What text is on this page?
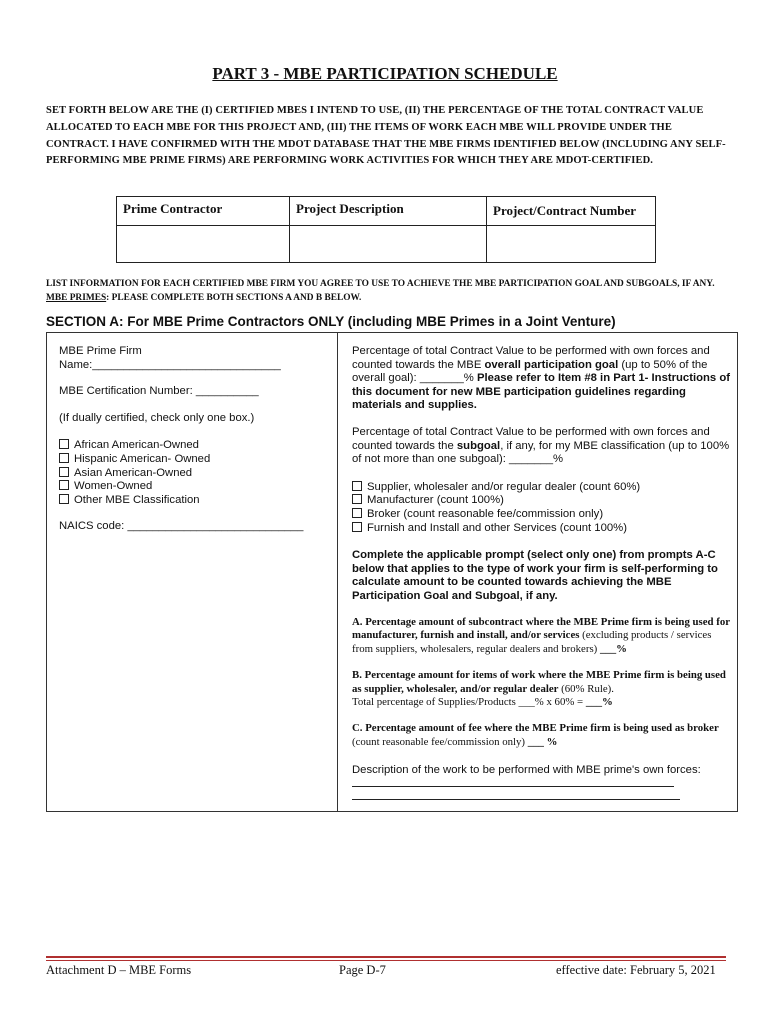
PART 3 - MBE PARTICIPATION SCHEDULE
SET FORTH BELOW ARE THE (I) CERTIFIED MBES I INTEND TO USE, (II) THE PERCENTAGE OF THE TOTAL CONTRACT VALUE ALLOCATED TO EACH MBE FOR THIS PROJECT AND, (III) THE ITEMS OF WORK EACH MBE WILL PROVIDE UNDER THE CONTRACT. I HAVE CONFIRMED WITH THE MDOT DATABASE THAT THE MBE FIRMS IDENTIFIED BELOW (INCLUDING ANY SELF-PERFORMING MBE PRIME FIRMS) ARE PERFORMING WORK ACTIVITIES FOR WHICH THEY ARE MDOT-CERTIFIED.
Prime Contractor	Project Description	Project/Contract Number

LIST INFORMATION FOR EACH CERTIFIED MBE FIRM YOU AGREE TO USE TO ACHIEVE THE MBE PARTICIPATION GOAL AND SUBGOALS, IF ANY. MBE PRIMES: PLEASE COMPLETE BOTH SECTIONS A AND B BELOW.
SECTION A: For MBE Prime Contractors ONLY (including MBE Primes in a Joint Venture)

MBE Prime Firm

Name:______________________________

MBE Certification Number: __________

(If dually certified, check only one box.)

African American-Owned
Hispanic American- Owned
Asian American-Owned
Women-Owned
Other MBE Classification

NAICS code: ____________________________

Percentage of total Contract Value to be performed with own forces and counted towards the MBE overall participation goal (up to 50% of the overall goal): _______% Please refer to Item #8 in Part 1- Instructions of this document for new MBE participation guidelines regarding materials and supplies.

Percentage of total Contract Value to be performed with own forces and counted towards the subgoal, if any, for my MBE classification (up to 100% of not more than one subgoal): _______%

Supplier, wholesaler and/or regular dealer (count 60%)
Manufacturer (count 100%)
Broker (count reasonable fee/commission only)
Furnish and Install and other Services (count 100%)

Complete the applicable prompt (select only one) from prompts A-C below that applies to the type of work your firm is self-performing to calculate amount to be counted towards achieving the MBE Participation Goal and Subgoal, if any.

A. Percentage amount of subcontract where the MBE Prime firm is being used for manufacturer, furnish and install, and/or services (excluding products / services from suppliers, wholesalers, regular dealers and brokers) ___%

B. Percentage amount for items of work where the MBE Prime firm is being used as supplier, wholesaler, and/or regular dealer (60% Rule).
Total percentage of Supplies/Products ___% x 60% = ___%

C. Percentage amount of fee where the MBE Prime firm is being used as broker (count reasonable fee/commission only) ___ %

Description of the work to be performed with MBE prime's own forces:

Attachment D – MBE Forms	Page D-7	effective date: February 5, 2021
